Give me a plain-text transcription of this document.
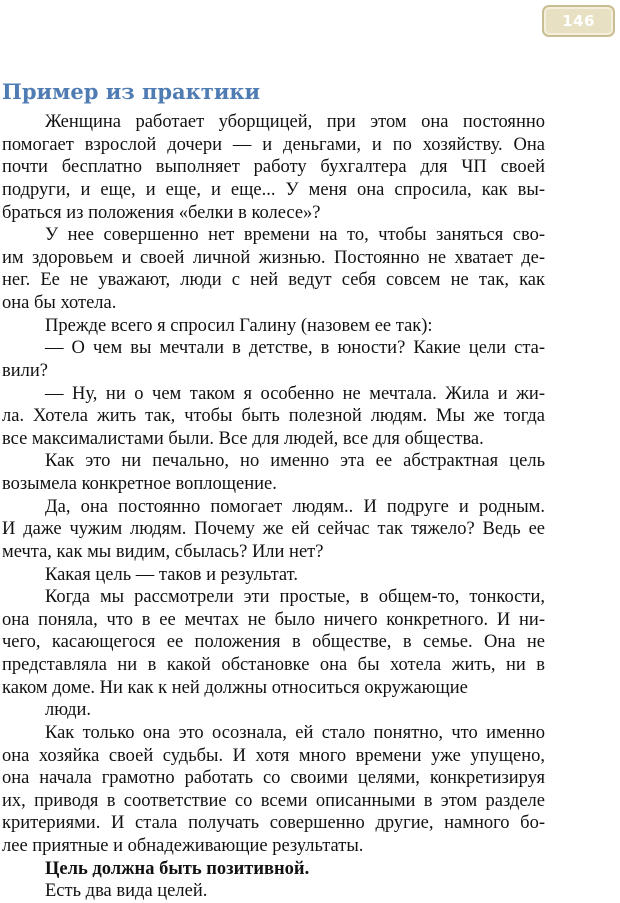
146
Пример из практики
Женщина работает уборщицей, при этом она постоянно
помогает взрослой дочери — и деньгами, и по хозяйству. Она
почти бесплатно выполняет работу бухгалтера для ЧП своей
подруги, и еще, и еще, и еще... У меня она спросила, как вы-
браться из положения «белки в колесе»?
У нее совершенно нет времени на то, чтобы заняться сво-
им здоровьем и своей личной жизнью. Постоянно не хватает де-
нег. Ее не уважают, люди с ней ведут себя совсем не так, как
она бы хотела.
Прежде всего я спросил Галину (назовем ее так):
— О чем вы мечтали в детстве, в юности? Какие цели ста-
вили?
— Ну, ни о чем таком я особенно не мечтала. Жила и жи-
ла. Хотела жить так, чтобы быть полезной людям. Мы же тогда
все максималистами были. Все для людей, все для общества.
Как это ни печально, но именно эта ее абстрактная цель
возымела конкретное воплощение.
Да, она постоянно помогает людям.. И подруге и родным.
И даже чужим людям. Почему же ей сейчас так тяжело? Ведь ее
мечта, как мы видим, сбылась? Или нет?
Какая цель — таков и результат.
Когда мы рассмотрели эти простые, в общем-то, тонкости,
она поняла, что в ее мечтах не было ничего конкретного. И ни-
чего, касающегося ее положения в обществе, в семье. Она не
представляла ни в какой обстановке она бы хотела жить, ни в
каком доме. Ни как к ней должны относиться окружающие
люди.
Как только она это осознала, ей стало понятно, что именно
она хозяйка своей судьбы. И хотя много времени уже упущено,
она начала грамотно работать со своими целями, конкретизируя
их, приводя в соответствие со всеми описанными в этом разделе
критериями. И стала получать совершенно другие, намного бо-
лее приятные и обнадеживающие результаты.
Цель должна быть позитивной.
Есть два вида целей.
